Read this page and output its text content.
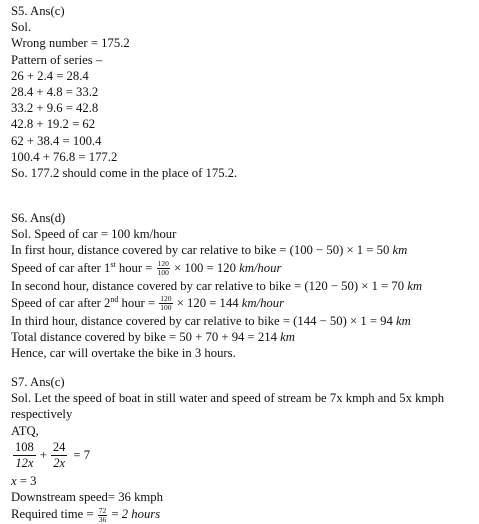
S5. Ans(c)
Sol.
Wrong number = 175.2
Pattern of series –
26 + 2.4 = 28.4
28.4 + 4.8 = 33.2
33.2 + 9.6 = 42.8
42.8 + 19.2 = 62
62 + 38.4 = 100.4
100.4 + 76.8 = 177.2
So. 177.2 should come in the place of 175.2.
S6. Ans(d)
Sol. Speed of car = 100 km/hour
In first hour, distance covered by car relative to bike = (100 − 50) × 1 = 50 km
Speed of car after 1st hour = $\frac{120}{100} \times 100 = 120$ km/hour
In second hour, distance covered by car relative to bike = (120 − 50) × 1 = 70 km
Speed of car after 2nd hour = $\frac{120}{100} \times 120 = 144$ km/hour
In third hour, distance covered by car relative to bike = (144 − 50) × 1 = 94 km
Total distance covered by bike = 50 + 70 + 94 = 214 km
Hence, car will overtake the bike in 3 hours.
S7. Ans(c)
Sol. Let the speed of boat in still water and speed of stream be 7x kmph and 5x kmph respectively
ATQ,
$\frac{108}{12x} + \frac{24}{2x} = 7$
x = 3
Downstream speed= 36 kmph
Required time = $\frac{72}{36} = 2$ hours
